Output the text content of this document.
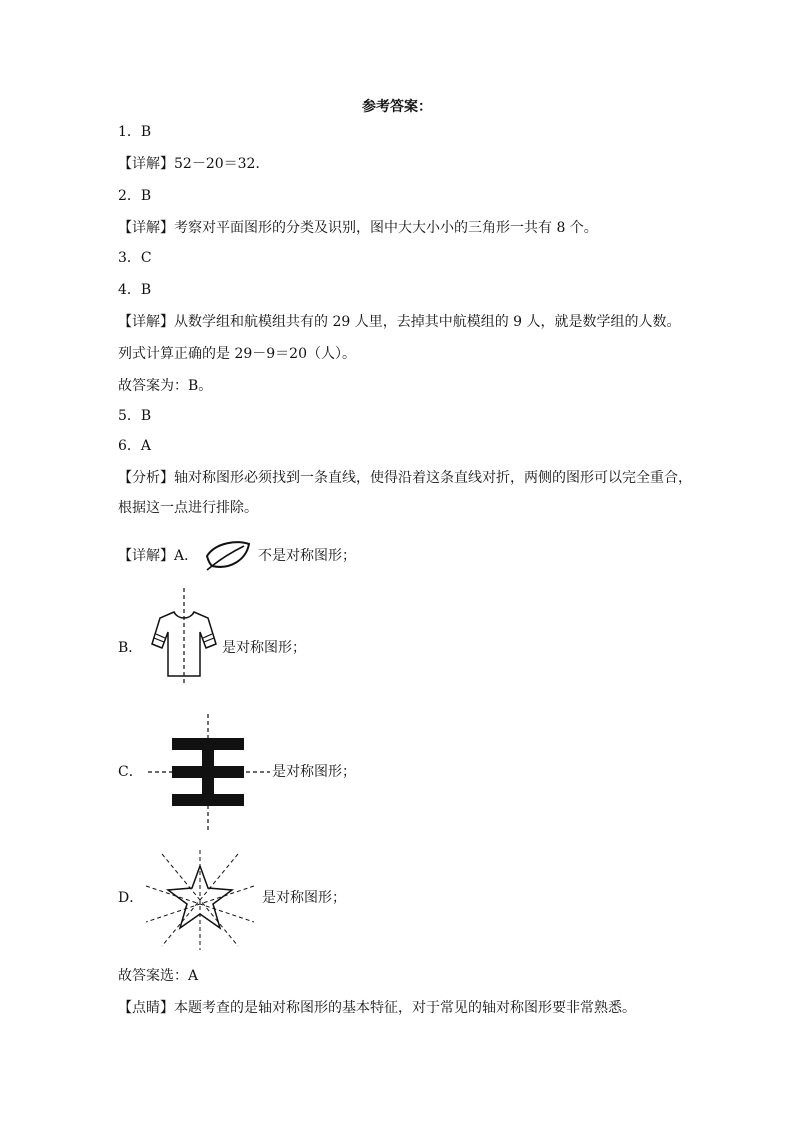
参考答案：
1．B
【详解】52－20＝32．
2．B
【详解】考察对平面图形的分类及识别，图中大大小小的三角形一共有 8 个。
3．C
4．B
【详解】从数学组和航模组共有的 29 人里，去掉其中航模组的 9 人，就是数学组的人数。
列式计算正确的是 29－9＝20（人）。
故答案为：B。
5．B
6．A
【分析】轴对称图形必须找到一条直线，使得沿着这条直线对折，两侧的图形可以完全重合，
根据这一点进行排除。
【详解】A．	不是对称图形；
B．	是对称图形；
C．	是对称图形；
D．	是对称图形；
故答案选：A
【点睛】本题考查的是轴对称图形的基本特征，对于常见的轴对称图形要非常熟悉。
